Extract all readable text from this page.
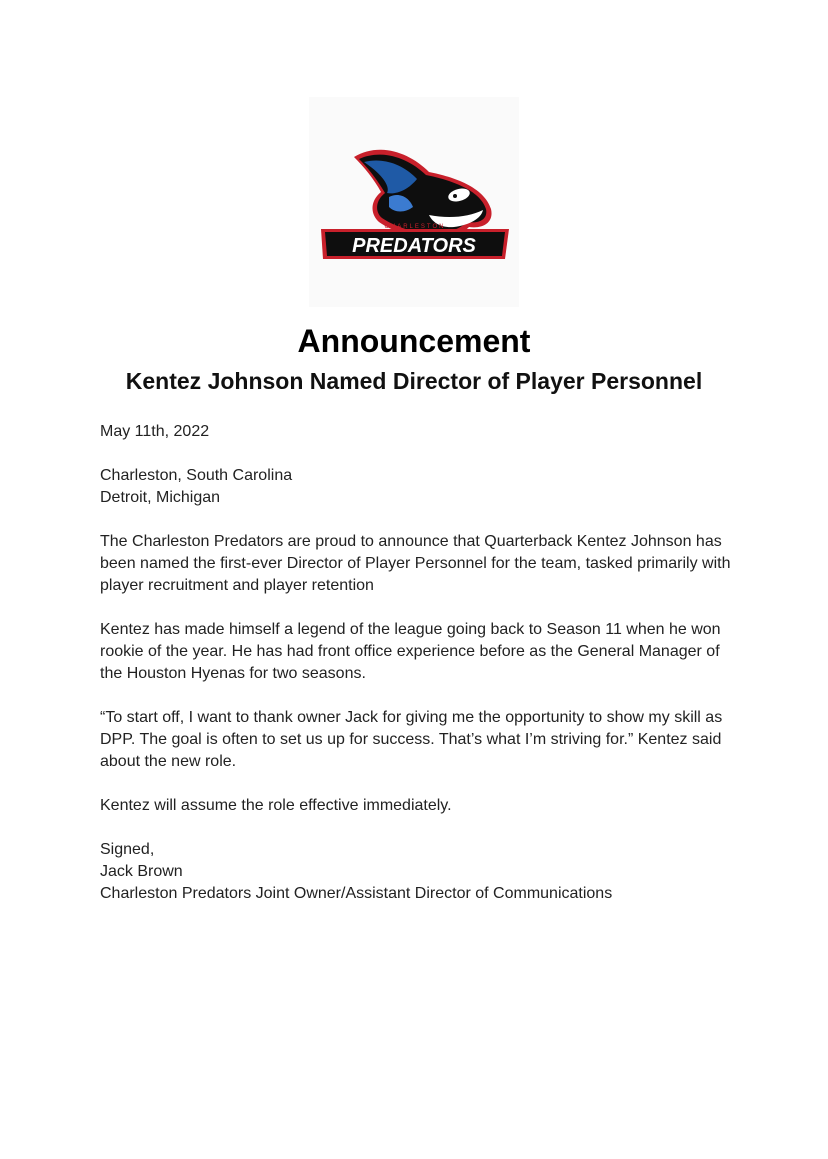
CHARLESTON
PREDATORS
Announcement
Kentez Johnson Named Director of Player Personnel

May 11th, 2022

Charleston, South Carolina
Detroit, Michigan

The Charleston Predators are proud to announce that Quarterback Kentez Johnson has been named the first-ever Director of Player Personnel for the team, tasked primarily with player recruitment and player retention

Kentez has made himself a legend of the league going back to Season 11 when he won rookie of the year. He has had front office experience before as the General Manager of the Houston Hyenas for two seasons.

“To start off, I want to thank owner Jack for giving me the opportunity to show my skill as DPP. The goal is often to set us up for success. That’s what I’m striving for.” Kentez said about the new role.

Kentez will assume the role effective immediately.

Signed,
Jack Brown
Charleston Predators Joint Owner/Assistant Director of Communications
